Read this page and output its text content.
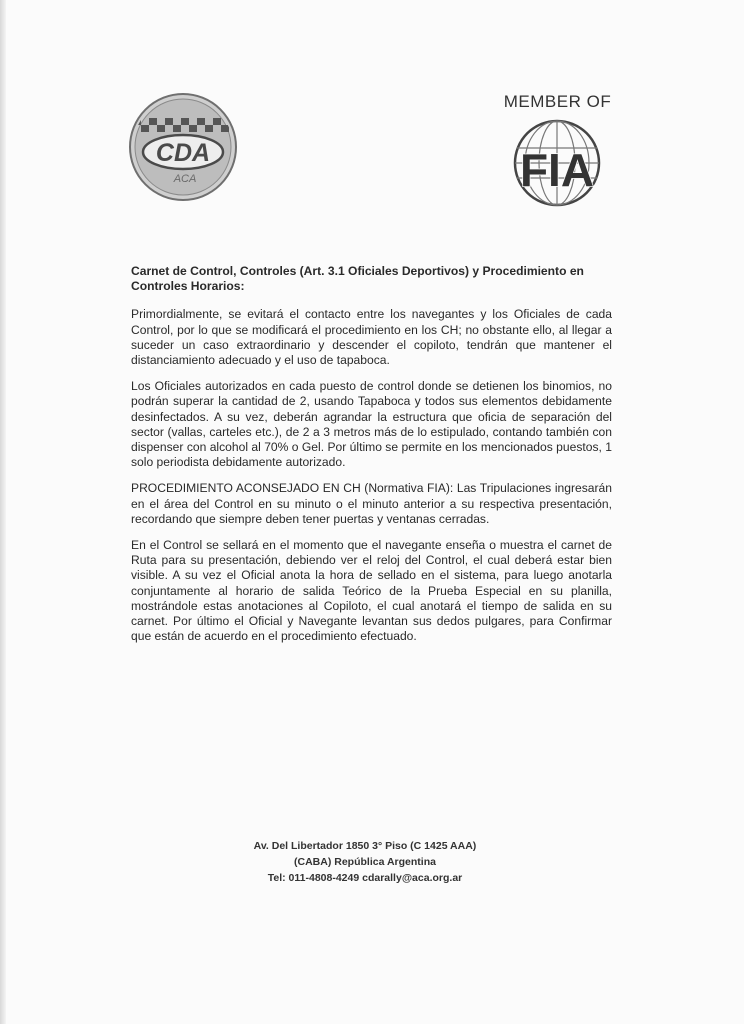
CDA
ACA
MEMBER OF
FIA

Carnet de Control, Controles (Art. 3.1 Oficiales Deportivos) y Procedimiento en Controles Horarios:

Primordialmente, se evitará el contacto entre los navegantes y los Oficiales de cada Control, por lo que se modificará el procedimiento en los CH; no obstante ello, al llegar a suceder un caso extraordinario y descender el copiloto, tendrán que mantener el distanciamiento adecuado y el uso de tapaboca.

Los Oficiales autorizados en cada puesto de control donde se detienen los binomios, no podrán superar la cantidad de 2, usando Tapaboca y todos sus elementos debidamente desinfectados. A su vez, deberán agrandar la estructura que oficia de separación del sector (vallas, carteles etc.), de 2 a 3 metros más de lo estipulado, contando también con dispenser con alcohol al 70% o Gel. Por último se permite en los mencionados puestos, 1 solo periodista debidamente autorizado.

PROCEDIMIENTO ACONSEJADO EN CH (Normativa FIA): Las Tripulaciones ingresarán en el área del Control en su minuto o el minuto anterior a su respectiva presentación, recordando que siempre deben tener puertas y ventanas cerradas.

En el Control se sellará en el momento que el navegante enseña o muestra el carnet de Ruta para su presentación, debiendo ver el reloj del Control, el cual deberá estar bien visible. A su vez el Oficial anota la hora de sellado en el sistema, para luego anotarla conjuntamente al horario de salida Teórico de la Prueba Especial en su planilla, mostrándole estas anotaciones al Copiloto, el cual anotará el tiempo de salida en su carnet. Por último el Oficial y Navegante levantan sus dedos pulgares, para Confirmar que están de acuerdo en el procedimiento efectuado.

Av. Del Libertador 1850 3° Piso (C 1425 AAA)
(CABA) República Argentina
Tel: 011-4808-4249 cdarally@aca.org.ar
